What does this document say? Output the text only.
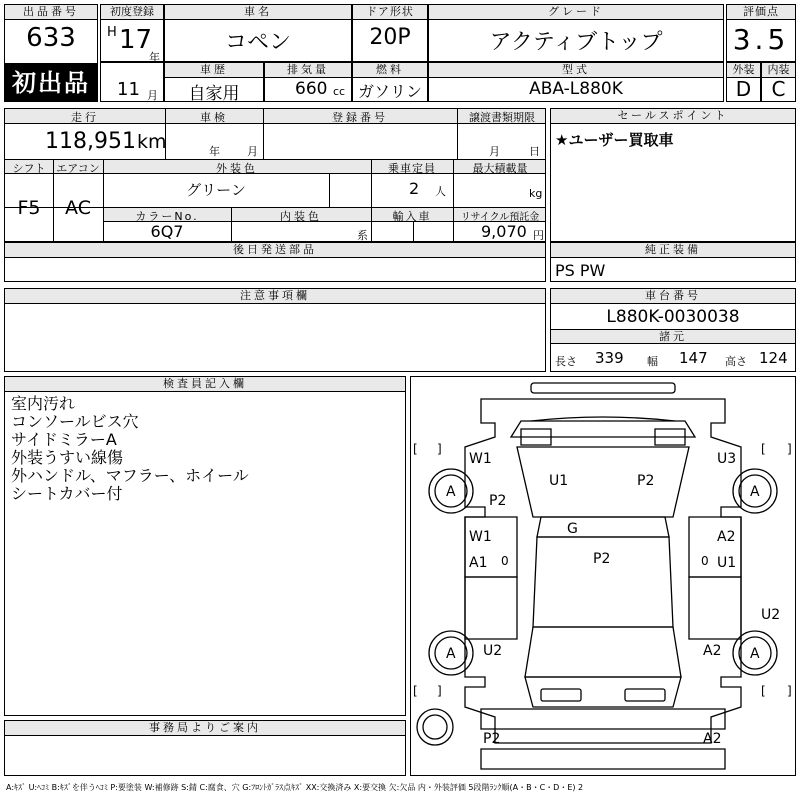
出品番号
633
初出品
初度登録
H 17
年
車名
コペン
ドア形状
20P
グレード
アクティブトップ
評価点
3.5
11 月
車歴
自家用
排気量
660 cc
燃料
ガソリン
型式
ABA-L880K
外装
D
内装
C
走行
118,951 km
車検
年 月
登録番号	譲渡書類期限
月	日
シフト
F5
エアコン
AC
外装色
グリーン
乗車定員
2 人
最大積載量
kg
カラーNo.
6Q7
内装色
系
輸入車	リサイクル預託金
9,070 円
後日発送部品
セールスポイント
★ユーザー買取車
純正装備
PS PW
注意事項欄	車台番号
L880K-0030038
諸元
長さ 339 幅 147 高さ 124
検査員記入欄
室内汚れ
コンソールビス穴
サイドミラーA
外装うすい線傷
外ハンドル、マフラー、ホイール
シートカバー付
事務局よりご案内
W1	U3
P2
U1	P2
G
P2
W1
A1
A2
U1
U2
U2	A2
P2	A2
A	A
A	A
0	0
[ ]	[ ]
[ ]	[ ]
A:ｷｽﾞ U:ﾍｺﾐ B:ｷｽﾞを伴うﾍｺﾐ P:要塗装 W:補修跡 S:錆 C:腐食、穴 G:ﾌﾛﾝﾄｶﾞﾗｽ点ｷｽﾞ XX:交換済み X:要交換 欠:欠品 内・外装評価 5段階ﾗﾝｸ順(A・B・C・D・E) 2
